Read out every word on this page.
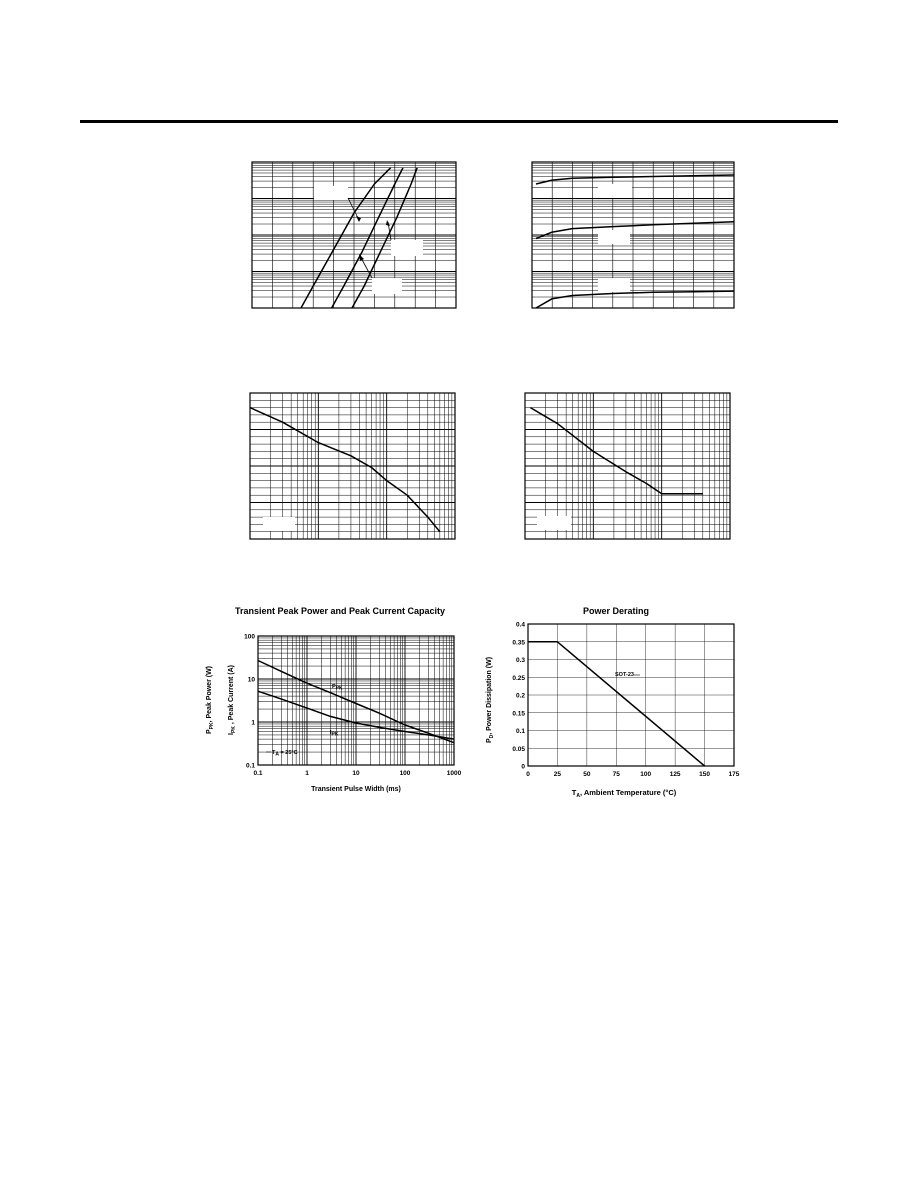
Transient Peak Power and Peak Current Capacity
0.1	1	10	100	1000
0.1
1
10
100
Transient Pulse Width (ms)
$P_{PK}$, Peak Power (W)
$I_{PK}$ , Peak Current (A)	PPK
IPK
TA = 25°C
Power Derating
0	25	50	75	100	125	150	175
0
0.05
0.1
0.15
0.2
0.25
0.3
0.35
0.4
$T_A$, Ambient Temperature (°C)
$P_D$, Power Dissipation (W)	SOT-23
